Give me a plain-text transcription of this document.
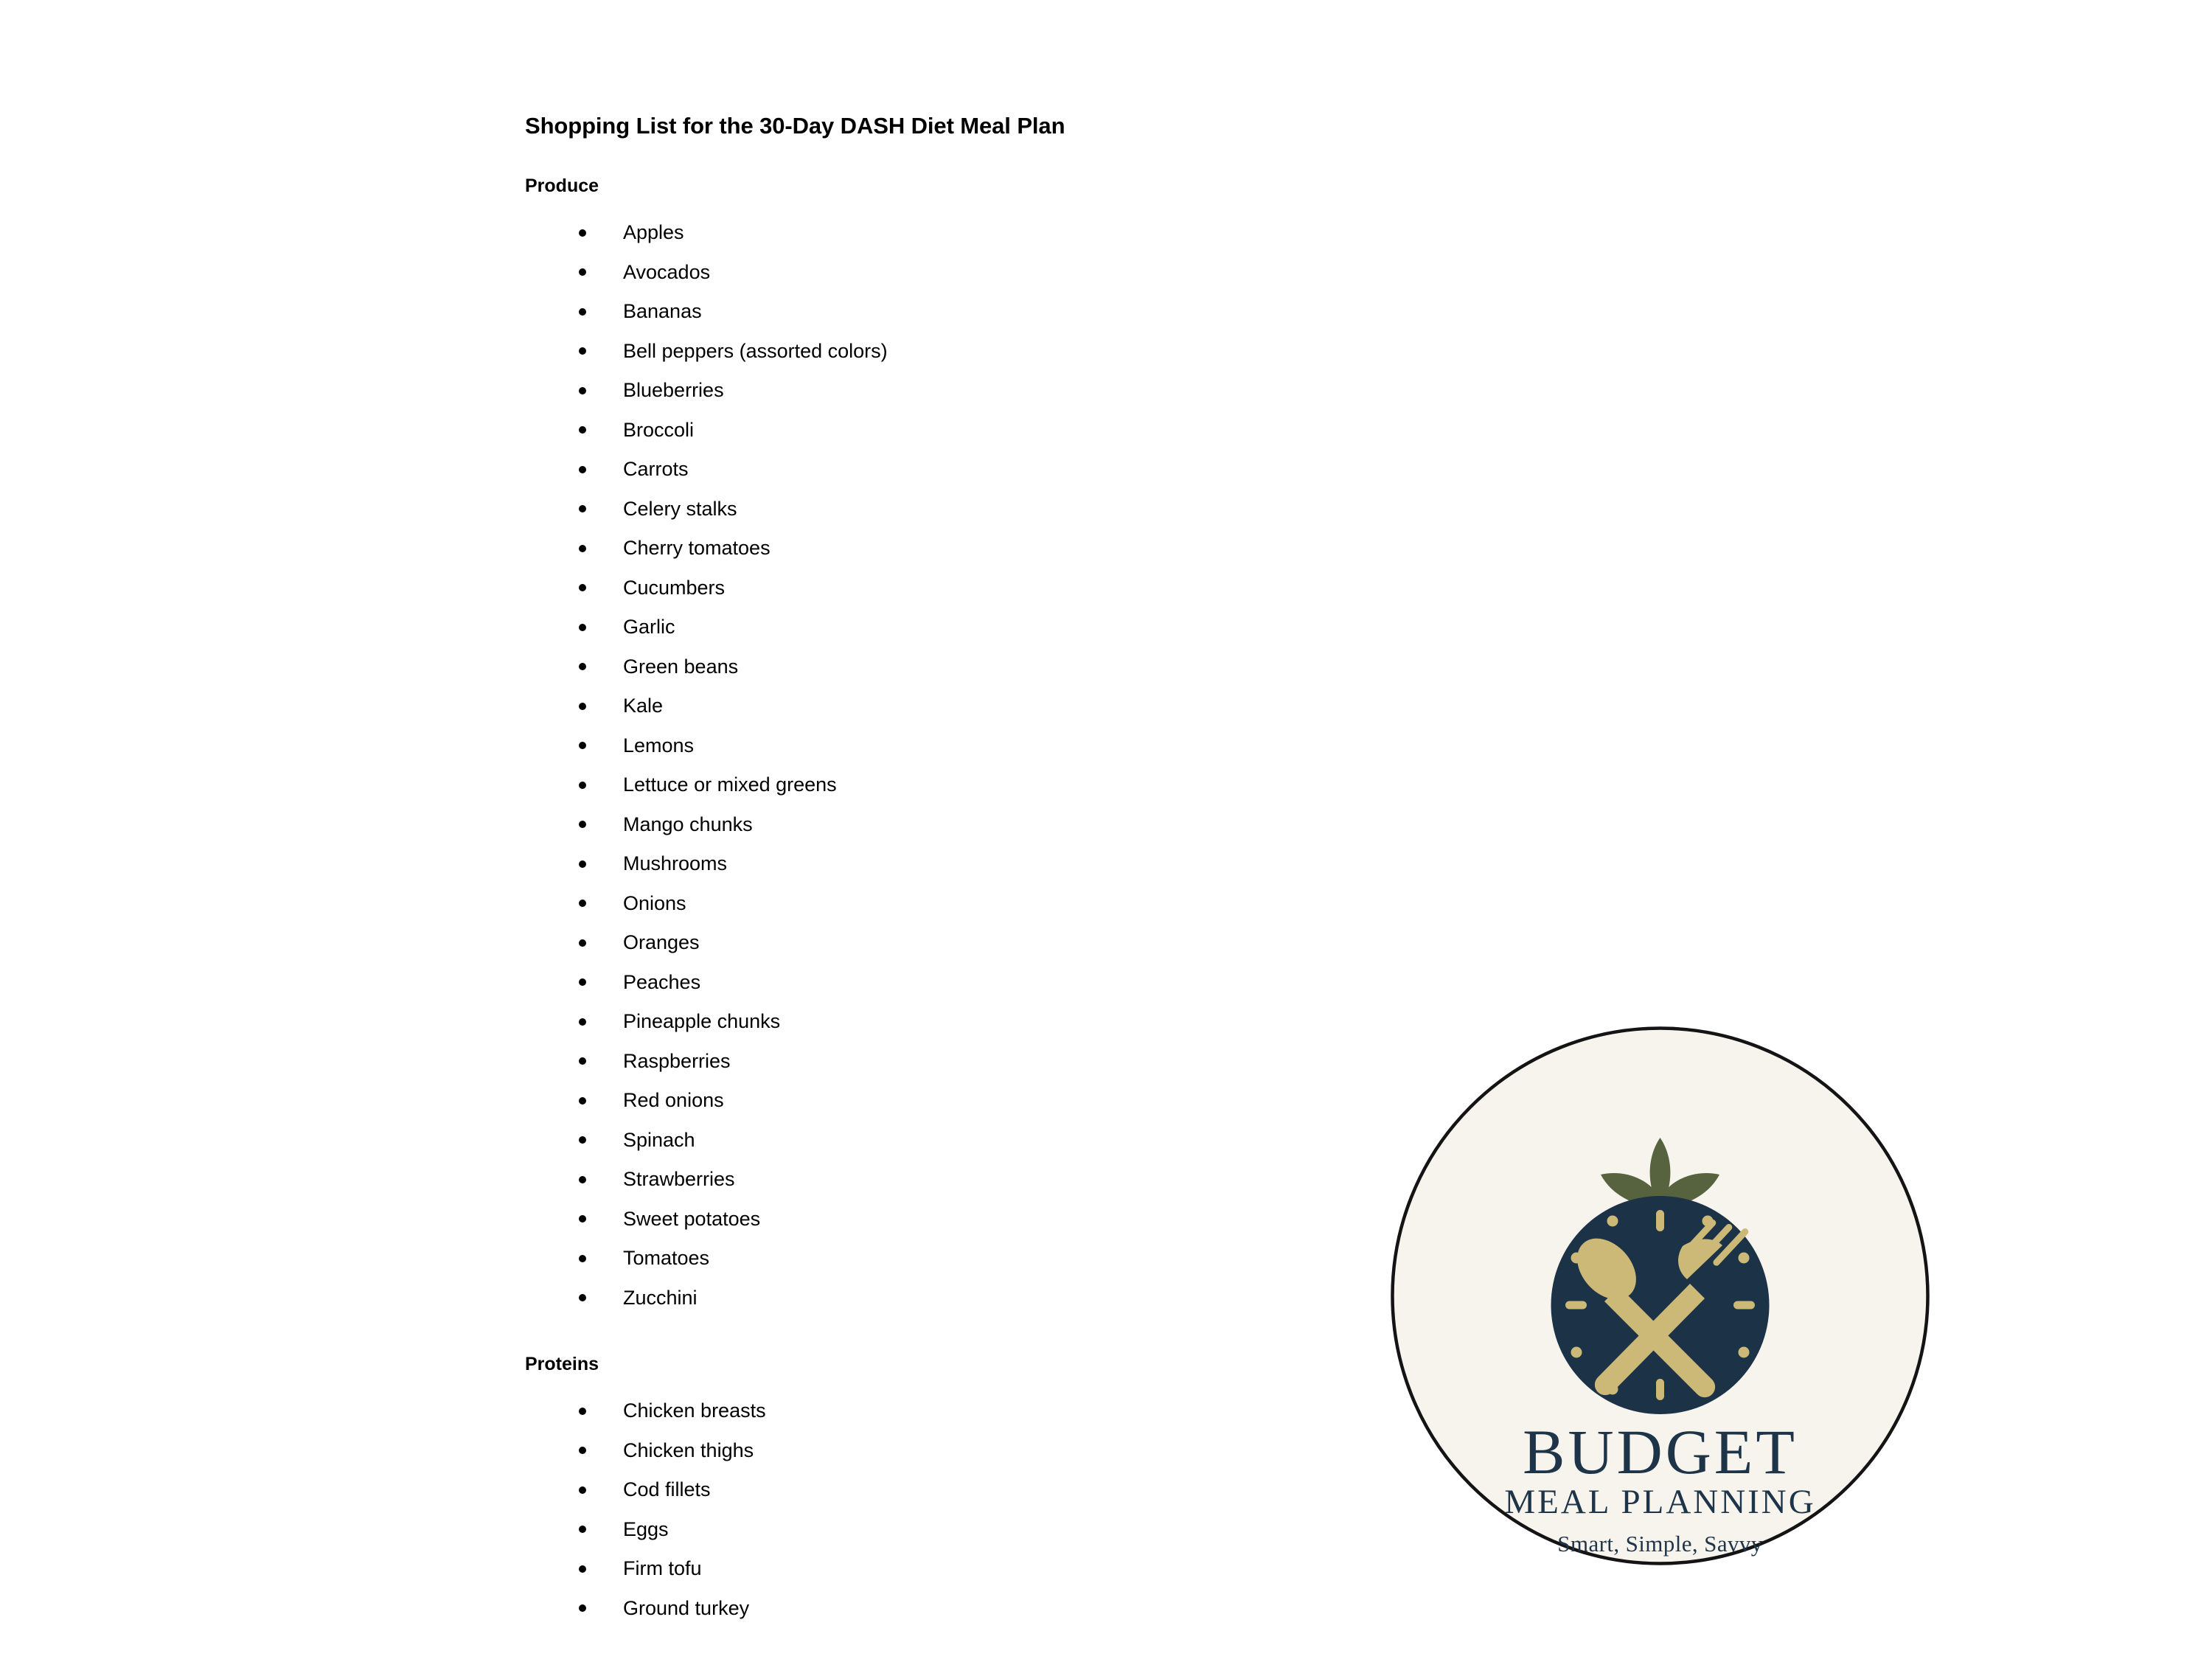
Shopping List for the 30-Day DASH Diet Meal Plan
Produce
Apples
Avocados
Bananas
Bell peppers (assorted colors)
Blueberries
Broccoli
Carrots
Celery stalks
Cherry tomatoes
Cucumbers
Garlic
Green beans
Kale
Lemons
Lettuce or mixed greens
Mango chunks
Mushrooms
Onions
Oranges
Peaches
Pineapple chunks
Raspberries
Red onions
Spinach
Strawberries
Sweet potatoes
Tomatoes
Zucchini
Proteins
Chicken breasts
Chicken thighs
Cod fillets
Eggs
Firm tofu
Ground turkey
BUDGET
MEAL PLANNING
Smart, Simple, Savvy
